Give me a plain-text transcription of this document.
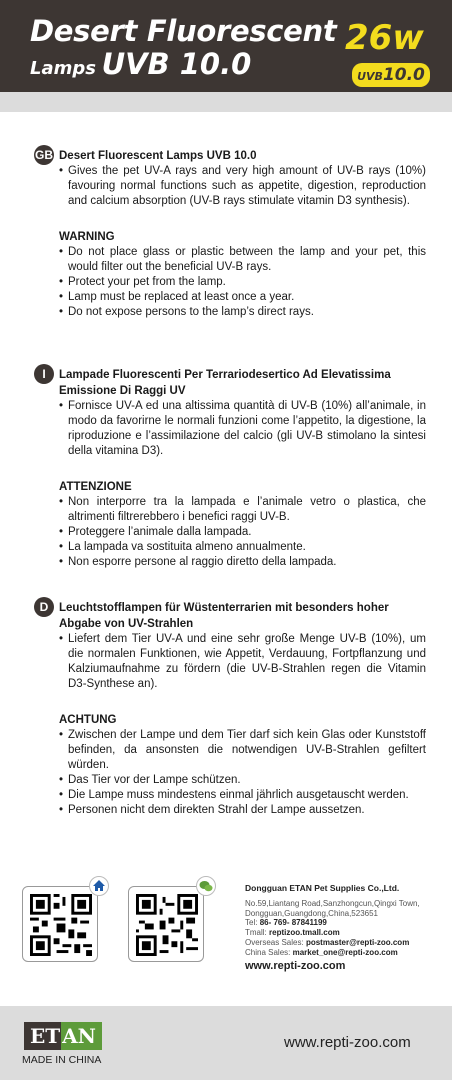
Desert Fluorescent
Lamps UVB 10.0
26w
UVB10.0
GB Desert Fluorescent Lamps UVB 10.0
• Gives the pet UV-A rays and very high amount of UV-B rays (10%) favouring normal functions such as appetite, digestion, reproduction and calcium absorption (UV-B rays stimulate vitamin D3 synthesis).
WARNING
• Do not place glass or plastic between the lamp and your pet, this would filter out the beneficial UV-B rays.
• Protect your pet from the lamp.
• Lamp must be replaced at least once a year.
• Do not expose persons to the lamp’s direct rays.
I	Lampade Fluorescenti Per Terrariodesertico Ad Elevatissima Emissione Di Raggi UV
• Fornisce UV-A ed una altissima quantità di UV-B (10%) all’animale, in modo da favorirne le normali funzioni come l’appetito, la digestione, la riproduzione e l’assimilazione del calcio (gli UV-B stimolano la sintesi della vitamina D3).
ATTENZIONE
• Non interporre tra la lampada e l’animale vetro o plastica, che altrimenti filtrerebbero i benefici raggi UV-B.
• Proteggere l’animale dalla lampada.
• La lampada va sostituita almeno annualmente.
• Non esporre persone al raggio diretto della lampada.
D Leuchtstofflampen für Wüstenterrarien mit besonders hoher Abgabe von UV-Strahlen
• Liefert dem Tier UV-A und eine sehr große Menge UV-B (10%), um die normalen Funktionen, wie Appetit, Verdauung, Fortpflanzung und Kalziumaufnahme zu fördern (die UV-B-Strahlen regen die Vitamin D3-Synthese an).
ACHTUNG
• Zwischen der Lampe und dem Tier darf sich kein Glas oder Kunststoff befinden, da ansonsten die notwendigen UV-B-Strahlen gefiltert würden.
• Das Tier vor der Lampe schützen.
• Die Lampe muss mindestens einmal jährlich ausgetauscht werden.
• Personen nicht dem direkten Strahl der Lampe aussetzen.
Dongguan ETAN Pet Supplies Co.,Ltd.
No.59,Liantang Road,Sanzhongcun,Qingxi Town,
Dongguan,Guangdong,China,523651
Tel: 86- 769- 87841199
Tmall: reptizoo.tmall.com
Overseas Sales: postmaster@repti-zoo.com
China Sales: market_one@repti-zoo.com
www.repti-zoo.com
ET AN
MADE IN CHINA
www.repti-zoo.com
